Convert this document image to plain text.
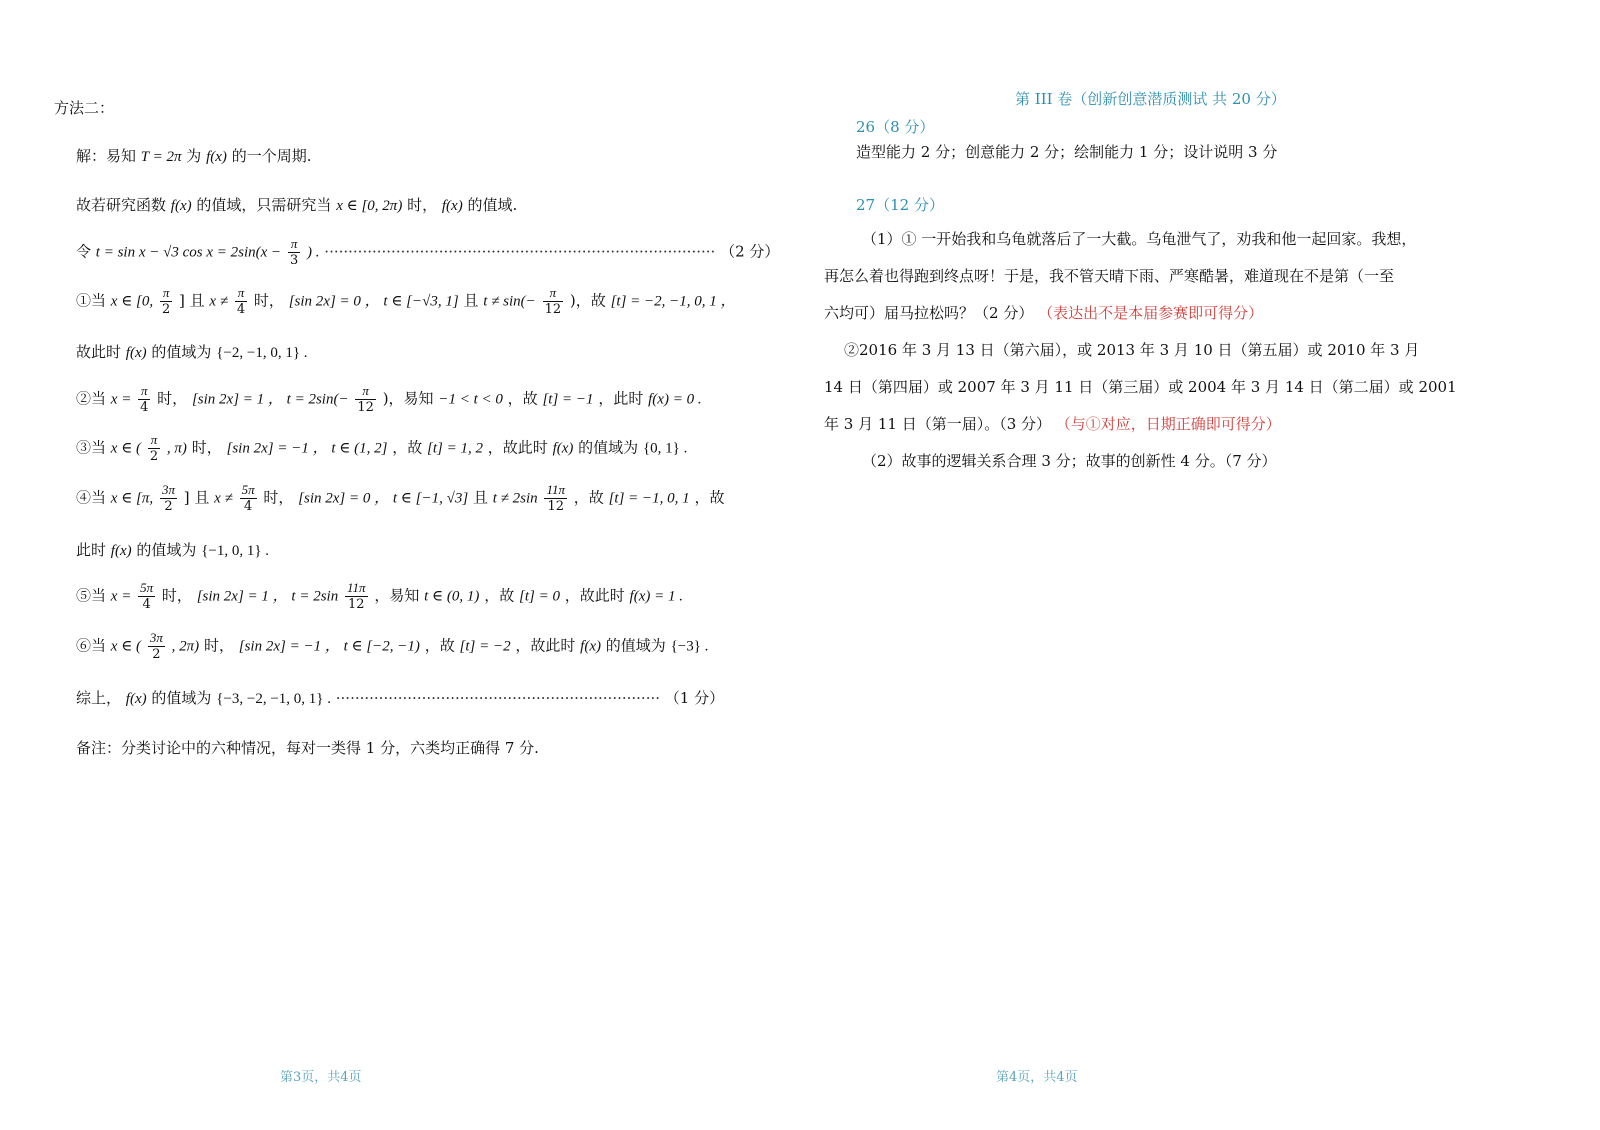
方法二：
解：易知 T = 2π 为 f(x) 的一个周期.
故若研究函数 f(x) 的值域，只需研究当 x ∈ [0, 2π) 时， f(x) 的值域.
令 t = sin x − √3 $\cos x = 2\sin(x - \frac{\pi}{3}$ ) . ·················································································· （2 分）
①当 x ∈ [0, $\frac{\pi}{2}$ ] 且 $x \ne \frac{\pi}{4}$ 时， [sin 2x] = 0 ， t ∈ [−√3, 1] 且 $t \ne \sin(- \frac{\pi}{12}$ )，故 [t] = −2, −1, 0, 1 ，
故此时 f(x) 的值域为 {−2, −1, 0, 1} .
②当 $x = \frac{\pi}{4}$ 时， [sin 2x] = 1 ， $t = 2\sin(- \frac{\pi}{12}$ )，易知 −1 < t < 0 ，故 [t] = −1 ，此时 f(x) = 0 .
③当 x ∈ ( $\frac{\pi}{2}$ , π) 时， [sin 2x] = −1 ， t ∈ (1, 2] ，故 [t] = 1, 2 ，故此时 f(x) 的值域为 {0, 1} .
④当 x ∈ [π, $\frac{3\pi}{2}$ ] 且 $x \ne \frac{5\pi}{4}$ 时， [sin 2x] = 0 ， t ∈ [−1, √3] 且 $t \ne 2\sin \frac{11\pi}{12}$ ，故 [t] = −1, 0, 1 ，故
此时 f(x) 的值域为 {−1, 0, 1} .
⑤当 $x = \frac{5\pi}{4}$ 时， [sin 2x] = 1 ， $t = 2\sin \frac{11\pi}{12}$ ，易知 t ∈ (0, 1) ，故 [t] = 0 ，故此时 f(x) = 1 .
⑥当 x ∈ ( $\frac{3\pi}{2}$ , 2π) 时， [sin 2x] = −1 ， t ∈ [−2, −1) ，故 [t] = −2 ，故此时 f(x) 的值域为 {−3} .
综上， f(x) 的值域为 {−3, −2, −1, 0, 1} . ···································································· （1 分）
备注：分类讨论中的六种情况，每对一类得 1 分，六类均正确得 7 分.
第3页，共4页
第 III 卷（创新创意潜质测试 共 20 分）
26（8 分）
造型能力 2 分；创意能力 2 分；绘制能力 1 分；设计说明 3 分
27（12 分）
（1）① 一开始我和乌龟就落后了一大截。乌龟泄气了，劝我和他一起回家。我想，
再怎么着也得跑到终点呀！于是，我不管天晴下雨、严寒酷暑，难道现在不是第（一至
六均可）届马拉松吗？（2 分） （表达出不是本届参赛即可得分）
②2016 年 3 月 13 日（第六届），或 2013 年 3 月 10 日（第五届）或 2010 年 3 月
14 日（第四届）或 2007 年 3 月 11 日（第三届）或 2004 年 3 月 14 日（第二届）或 2001
年 3 月 11 日（第一届）。（3 分） （与①对应，日期正确即可得分）
（2）故事的逻辑关系合理 3 分；故事的创新性 4 分。（7 分）
第4页，共4页
